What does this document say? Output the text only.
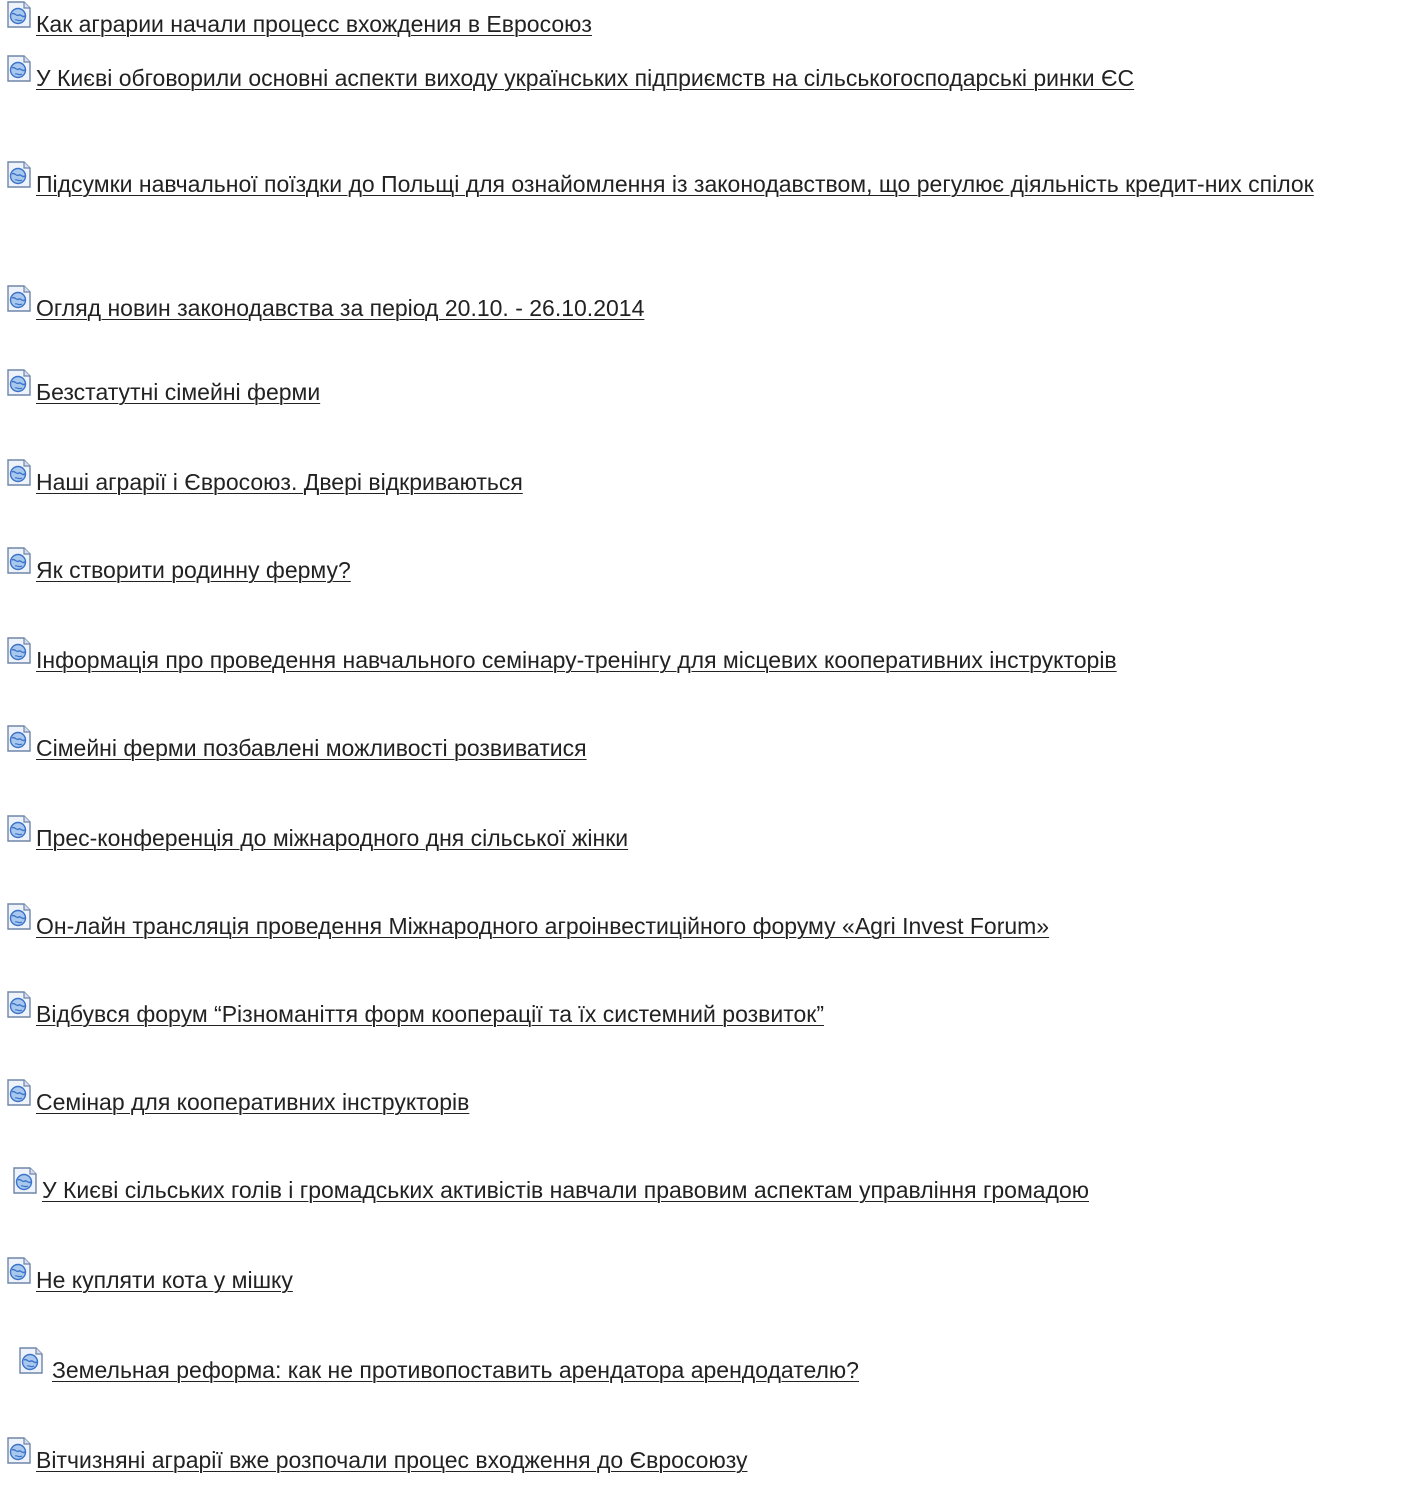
Как аграрии начали процесс вхождения в Евросоюз
У Києві обговорили основні аспекти виходу українських підприємств на сільськогосподарські ринки ЄС
Підсумки навчальної поїздки до Польщі для ознайомлення із законодавством, що регулює діяльність кредит-них спілок
Огляд новин законодавства за період 20.10. - 26.10.2014
Безстатутні сімейні ферми
Наші аграрії і Євросоюз. Двері відкриваються
Як створити родинну ферму?
Інформація про проведення навчального семінару-тренінгу для місцевих кооперативних інструкторів
Сімейні ферми позбавлені можливості розвиватися
Прес-конференція до міжнародного дня сільської жінки
Он-лайн трансляція проведення Міжнародного агроінвестиційного форуму «Agri Invest Forum»
Відбувся форум “Різноманіття форм кооперації та їх системний розвиток”
Семінар для кооперативних інструкторів
У Києві сільських голів і громадських активістів навчали правовим аспектам управління громадою
Не купляти кота у мішку
Земельная реформа: как не противопоставить арендатора арендодателю?
Вітчизняні аграрії вже розпочали процес входження до Євросоюзу
